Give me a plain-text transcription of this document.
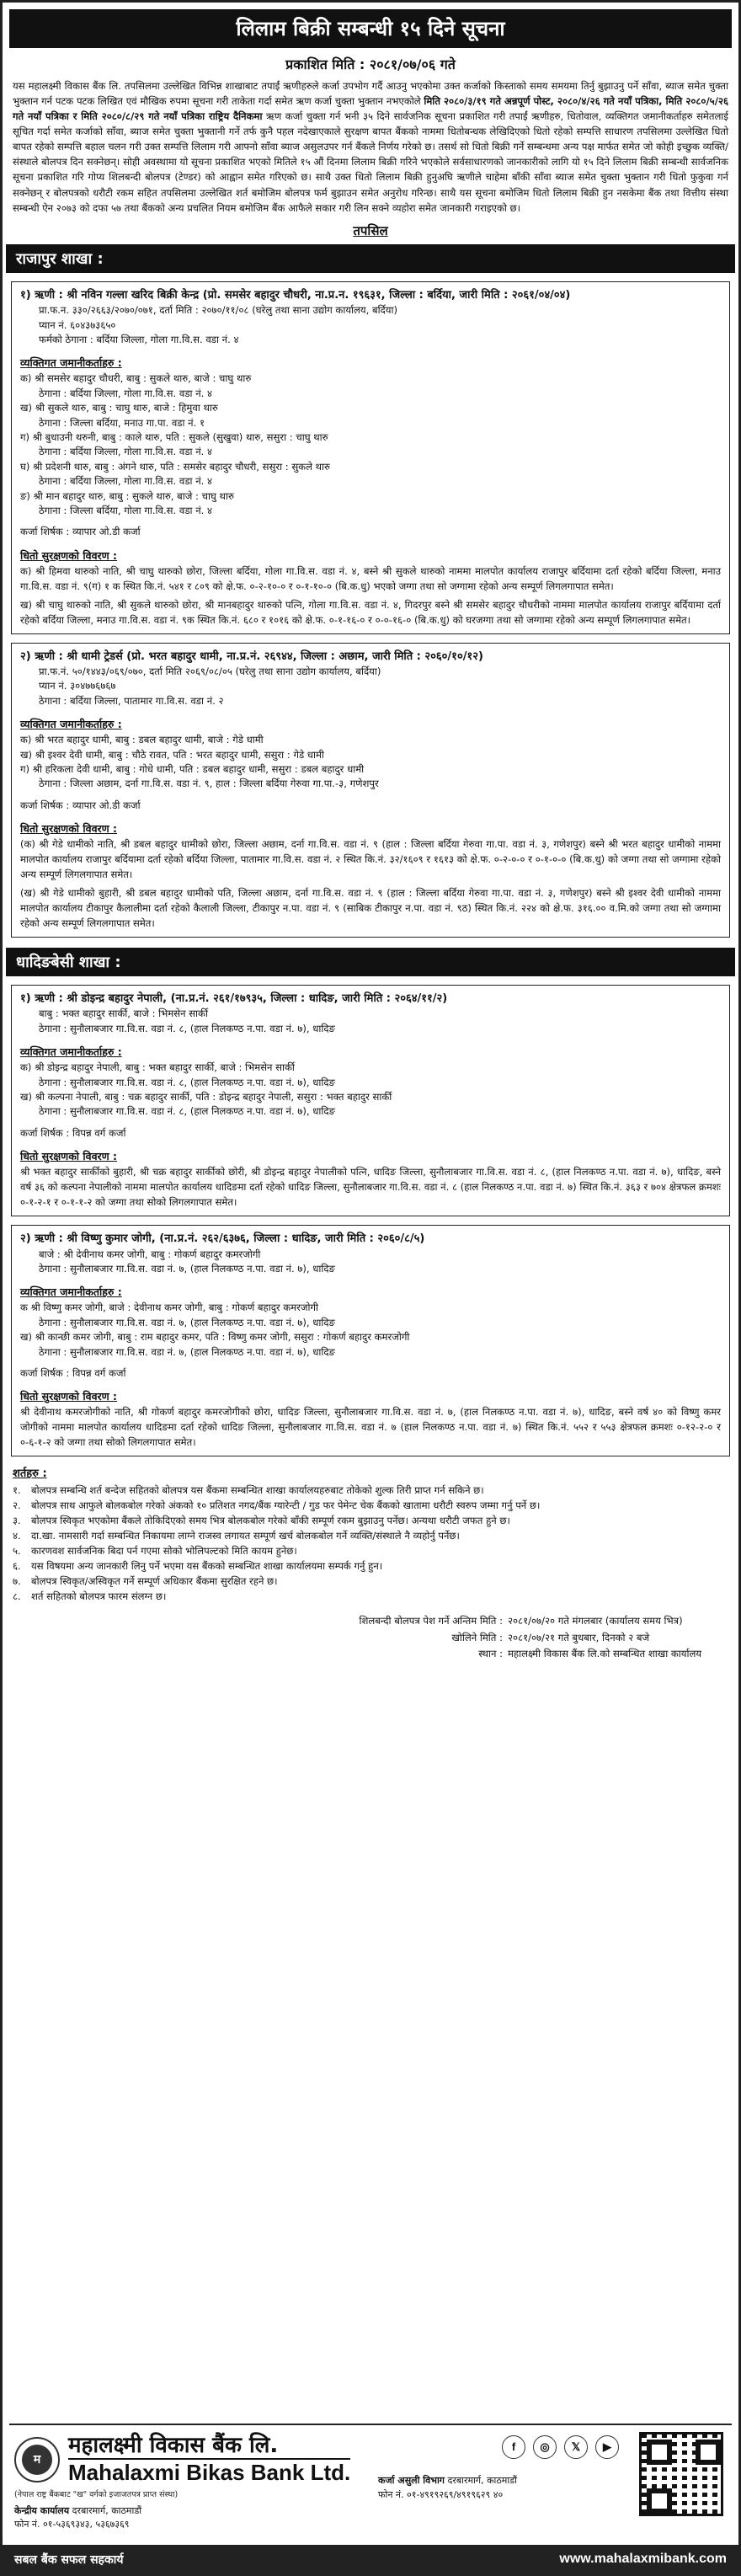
लिलाम बिक्री सम्बन्धी १५ दिने सूचना
प्रकाशित मिति : २०८१/०७/०६ गते
यस महालक्ष्मी विकास बैंक लि. तपसिलमा उल्लेखित विभिन्न शाखाबाट तपाईं ऋणीहरुले कर्जा उपभोग गर्दै आउनु भएकोमा उक्त कर्जाको किस्ताको समय समयमा तिर्नु बुझाउनु पर्ने साँवा, ब्याज समेत चुक्ता भुक्तान गर्न पटक पटक लिखित एवं मौखिक रुपमा सूचना गरी ताकेता गर्दा समेत ऋण कर्जा चुक्ता भुक्तान नभएकोले मिति २०८०/३/१९ गते अन्नपूर्ण पोस्ट, २०८०/४/२६ गते नयाँ पत्रिका, मिति २०८०/५/२६ गते नयाँ पत्रिका र मिति २०८०/८/२९ गते नयाँ पत्रिका राष्ट्रिय दैनिकमा ऋण कर्जा चुक्ता गर्न भनी ३५ दिने सार्वजनिक सूचना प्रकाशित गरी तपाईं ऋणीहरु, धितोवाल, व्यक्तिगत जमानीकर्ताहरु समेतलाई सूचित गर्दा समेत कर्जाको साँवा, ब्याज समेत चुक्ता भुक्तानी गर्ने तर्फ कुनै पहल नदेखाएकाले सुरक्षण बापत बैंकको नाममा धितोबन्धक लेखिदिएको धितो रहेको सम्पत्ति साधारण तपसिलमा उल्लेखित धितो बापत रहेको सम्पत्ति बहाल चलन गरी उक्त सम्पत्ति लिलाम गरी आफ्नो साँवा ब्याज असुलउपर गर्न बैंकले निर्णय गरेको छ। तसर्थ सो धितो बिक्री गर्ने सम्बन्धमा अन्य पक्ष मार्फत समेत जो कोही इच्छुक व्यक्ति/संस्थाले बोलपत्र दिन सक्नेछन्। सोही अवस्थामा यो सूचना प्रकाशित भएको मितिले १५ औं दिनमा लिलाम बिक्री गरिने भएकोले सर्वसाधारणको जानकारीको लागि यो १५ दिने लिलाम बिक्री सम्बन्धी सार्वजनिक सूचना प्रकाशित गरि गोप्य शिलबन्दी बोलपत्र (टेण्डर) को आह्वान समेत गरिएको छ। साथै उक्त धितो लिलाम बिक्री हुनुअघि ऋणीले चाहेमा बाँकी साँवा ब्याज समेत चुक्ता भुक्तान गरी धितो फुकुवा गर्न सक्नेछन् र बोलपत्रको धरौटी रकम सहित तपसिलमा उल्लेखित शर्त बमोजिम बोलपत्र फर्म बुझाउन समेत अनुरोध गरिन्छ। साथै यस सूचना बमोजिम धितो लिलाम बिक्री हुन नसकेमा बैंक तथा वित्तीय संस्था सम्बन्धी ऐन २०७३ को दफा ५७ तथा बैंकको अन्य प्रचलित नियम बमोजिम बैंक आफैले सकार गरी लिन सक्ने व्यहोरा समेत जानकारी गराइएको छ।
तपसिल
राजापुर शाखा :
१) ऋणी : श्री नविन गल्ला खरिद बिक्री केन्द्र (प्रो. समसेर बहादुर चौधरी, ना.प्र.न. १९६३१, जिल्ला : बर्दिया, जारी मिति : २०६१/०४/०४)
प्रा.फ.न. ३३०/२६६३/२०७०/०७१, दर्ता मिति : २०७०/११/०८ (घरेलु तथा साना उद्योग कार्यालय, बर्दिया)
प्यान नं. ६०४३७३६५०
फर्मको ठेगाना : बर्दिया जिल्ला, गोला गा.वि.स. वडा नं. ४
व्यक्तिगत जमानीकर्ताहरु :
क) श्री समसेर बहादुर चौधरी, बाबु : सुकले थारु, बाजे : चाघु थारु
ठेगाना : बर्दिया जिल्ला, गोला गा.वि.स. वडा नं. ४
ख) श्री सुकले थारु, बाबु : चाघु थारु, बाजे : हिमुवा थारु
ठेगाना : जिल्ला बर्दिया, मनाउ गा.पा. वडा नं. १
ग) श्री बुधाउनी थरुनी, बाबु : काले थारु, पति : सुकले (सुखुवा) थारु, ससुरा : चाघु थारु
ठेगाना : बर्दिया जिल्ला, गोला गा.वि.स. वडा नं. ४
घ) श्री प्रदेशनी थारु, बाबु : अंगने थारु, पति : समसेर बहादुर चौधरी, ससुरा : सुकले थारु
ठेगाना : बर्दिया जिल्ला, गोला गा.वि.स. वडा नं. ४
ङ) श्री मान बहादुर थारु, बाबु : सुकले थारु, बाजे : चाघु थारु
ठेगाना : जिल्ला बर्दिया, गोला गा.वि.स. वडा नं. ४
कर्जा शिर्षक : व्यापार ओ.डी कर्जा
धितो सुरक्षणको विवरण :
क) श्री हिमवा थारुको नाति, श्री चाघु थारुको छोरा, जिल्ला बर्दिया, गोला गा.वि.स. वडा नं. ४, बस्ने श्री सुकले थारुको नाममा मालपोत कार्यालय राजापुर बर्दियामा दर्ता रहेको बर्दिया जिल्ला, मनाउ गा.वि.स. वडा नं. ९(ग) १ क स्थित कि.नं. ५४१ र ८०९ को क्षे.फ. ०-२-१०-० र ०-१-१०-० (बि.क.धु) भएको जग्गा तथा सो जग्गामा रहेको अन्य सम्पूर्ण लिगलगापात समेत।
ख) श्री चाघु थारुको नाति, श्री सुकले थारुको छोरा, श्री मानबहादुर थारुको पत्नि, गोला गा.वि.स. वडा नं. ४, गिदरपुर बस्ने श्री समसेर बहादुर चौधरीको नाममा मालपोत कार्यालय राजापुर बर्दियामा दर्ता रहेको बर्दिया जिल्ला, मनाउ गा.वि.स. वडा नं. ९क स्थित कि.नं. ६८० र १०१६ को क्षे.फ. ०-१-१६-० र ०-०-१६-० (बि.क.धु) को घरजग्गा तथा सो जग्गामा रहेको अन्य सम्पूर्ण लिगलगापात समेत।
२) ऋणी : श्री धामी ट्रेडर्स (प्रो. भरत बहादुर धामी, ना.प्र.नं. २६९४४, जिल्ला : अछाम, जारी मिति : २०६०/१०/१२)
प्रा.फ.नं. ५०/१४४३/०६९/०७०, दर्ता मिति २०६९/०८/०५ (घरेलु तथा साना उद्योग कार्यालय, बर्दिया)
प्यान नं. ३०४७७६७६७
ठेगाना : बर्दिया जिल्ला, पातामार गा.वि.स. वडा नं. २
व्यक्तिगत जमानीकर्ताहरु :
क) श्री भरत बहादुर धामी, बाबु : डबल बहादुर धामी, बाजे : गेडे धामी
ख) श्री इश्वर देवी धामी, बाबु : चौठे रावत, पति : भरत बहादुर धामी, ससुरा : गेडे धामी
ग) श्री हरिकला देवी धामी, बाबु : गोधे धामी, पति : डबल बहादुर धामी, ससुरा : डबल बहादुर धामी
ठेगाना : जिल्ला अछाम, दर्ना गा.वि.स. वडा नं. ९, हाल : जिल्ला बर्दिया गेरुवा गा.पा.-३, गणेशपुर
कर्जा शिर्षक : व्यापार ओ.डी कर्जा
धितो सुरक्षणको विवरण :
(क) श्री गेडे धामीको नाति, श्री डबल बहादुर धामीको छोरा, जिल्ला अछाम, दर्ना गा.वि.स. वडा नं. ९ (हाल : जिल्ला बर्दिया गेरुवा गा.पा. वडा नं. ३, गणेशपुर) बस्ने श्री भरत बहादुर धामीको नाममा मालपोत कार्यालय राजापुर बर्दियामा दर्ता रहेको बर्दिया जिल्ला, पातामार गा.वि.स. वडा नं. २ स्थित कि.नं. ३२/१६०९ र १६१३ को क्षे.फ. ०-२-०-० र ०-१-०-० (बि.क.धु) को जग्गा तथा सो जग्गामा रहेको अन्य सम्पूर्ण लिगलगापात समेत।
(ख) श्री गेडे धामीको बुहारी, श्री डबल बहादुर धामीको पति, जिल्ला अछाम, दर्ना गा.वि.स. वडा नं. ९ (हाल : जिल्ला बर्दिया गेरुवा गा.पा. वडा नं. ३, गणेशपुर) बस्ने श्री इश्वर देवी धामीको नाममा मालपोत कार्यालय टीकापुर कैलालीमा दर्ता रहेको कैलाली जिल्ला, टीकापुर न.पा. वडा नं. ९ (साबिक टीकापुर न.पा. वडा नं. ९ठ) स्थित कि.नं. २२४ को क्षे.फ. ३१६.०० व.मि.को जग्गा तथा सो जग्गामा रहेको अन्य सम्पूर्ण लिगलगापात समेत।
धादिङबेसी शाखा :
१) ऋणी : श्री डोइन्द्र बहादुर नेपाली, (ना.प्र.नं. २६१/१७९३५, जिल्ला : धादिङ, जारी मिति : २०६४/११/२)
बाबु : भक्त बहादुर सार्की, बाजे : भिमसेन सार्की
ठेगाना : सुनौलाबजार गा.वि.स. वडा नं. ८, (हाल निलकण्ठ न.पा. वडा नं. ७), धादिङ
व्यक्तिगत जमानीकर्ताहरु :
क) श्री डोइन्द्र बहादुर नेपाली, बाबु : भक्त बहादुर सार्की, बाजे : भिमसेन सार्की
ठेगाना : सुनौलाबजार गा.वि.स. वडा नं. ८, (हाल निलकण्ठ न.पा. वडा नं. ७), धादिङ
ख) श्री कल्पना नेपाली, बाबु : चक्र बहादुर सार्की, पति : डोइन्द्र बहादुर नेपाली, ससुरा : भक्त बहादुर सार्की
ठेगाना : सुनौलाबजार गा.वि.स. वडा नं. ८, (हाल निलकण्ठ न.पा. वडा नं. ७), धादिङ
कर्जा शिर्षक : विपन्न वर्ग कर्जा
धितो सुरक्षणको विवरण :
श्री भक्त बहादुर सार्कीको बुहारी, श्री चक्र बहादुर सार्कीको छोरी, श्री डोइन्द्र बहादुर नेपालीको पत्नि, धादिङ जिल्ला, सुनौलाबजार गा.वि.स. वडा नं. ८, (हाल निलकण्ठ न.पा. वडा नं. ७), धादिङ, बस्ने वर्ष ३६ को कल्पना नेपालीको नाममा मालपोत कार्यालय धादिङमा दर्ता रहेको धादिङ जिल्ला, सुनौलाबजार गा.वि.स. वडा नं. ८ (हाल निलकण्ठ न.पा. वडा नं. ७) स्थित कि.नं. ३६३ र ७०४ क्षेत्रफल क्रमशः ०-१-२-१ र ०-१-१-२ को जग्गा तथा सोको लिगलगापात समेत।
२) ऋणी : श्री विष्णु कुमार जोगी, (ना.प्र.नं. २६२/६३७६, जिल्ला : धादिङ, जारी मिति : २०६०/८/५)
बाजे : श्री देवीनाथ कमर जोगी, बाबु : गोकर्ण बहादुर कमरजोगी
ठेगाना : सुनौलाबजार गा.वि.स. वडा नं. ७, (हाल निलकण्ठ न.पा. वडा नं. ७), धादिङ
व्यक्तिगत जमानीकर्ताहरु :
क श्री विष्णु कमर जोगी, बाजे : देवीनाथ कमर जोगी, बाबु : गोकर्ण बहादुर कमरजोगी
ठेगाना : सुनौलाबजार गा.वि.स. वडा नं. ७, (हाल निलकण्ठ न.पा. वडा नं. ७), धादिङ
ख) श्री कान्छी कमर जोगी, बाबु : राम बहादुर कमर, पति : विष्णु कमर जोगी, ससुरा : गोकर्ण बहादुर कमरजोगी
ठेगाना : सुनौलाबजार गा.वि.स. वडा नं. ७, (हाल निलकण्ठ न.पा. वडा नं. ७), धादिङ
कर्जा शिर्षक : विपन्न वर्ग कर्जा
धितो सुरक्षणको विवरण :
श्री देवीनाथ कमरजोगीको नाति, श्री गोकर्ण बहादुर कमरजोगीको छोरा, धादिङ जिल्ला, सुनौलाबजार गा.वि.स. वडा नं. ७, (हाल निलकण्ठ न.पा. वडा नं. ७), धादिङ, बस्ने वर्ष ४० को विष्णु कमर जोगीको नाममा मालपोत कार्यालय धादिङमा दर्ता रहेको धादिङ जिल्ला, सुनौलाबजार गा.वि.स. वडा नं. ७ (हाल निलकण्ठ न.पा. वडा नं. ७) स्थित कि.नं. ५५२ र ५५३ क्षेत्रफल क्रमशः ०-१२-२-० र ०-६-१-२ को जग्गा तथा सोको लिगलगापात समेत।
शर्तहरु :
१.	बोलपत्र सम्बन्धि शर्त बन्देज सहितको बोलपत्र यस बैंकमा सम्बन्धित शाखा कार्यालयहरुबाट तोकेको शुल्क तिरी प्राप्त गर्न सकिने छ।
२.	बोलपत्र साथ आफुले बोलकबोल गरेको अंकको १० प्रतिशत नगद/बैंक ग्यारेन्टी / गुड फर पेमेन्ट चेक बैंकको खातामा धरौटी स्वरुप जम्मा गर्नु पर्ने छ।
३.	बोलपत्र स्विकृत भएकोमा बैंकले तोकिदिएको समय भित्र बोलकबोल गरेको बाँकी सम्पूर्ण रकम बुझाउनु पर्नेछ। अन्यथा धरौटी जफत हुने छ।
४.	दा.खा. नामसारी गर्दा सम्बन्धित निकायमा लाग्ने राजस्व लगायत सम्पूर्ण खर्च बोलकबोल गर्ने व्यक्ति/संस्थाले नै व्यहोर्नु पर्नेछ।
५.	कारणवश सार्वजनिक बिदा पर्न गएमा सोको भोलिपल्टको मिति कायम हुनेछ।
६.	यस विषयमा अन्य जानकारी लिनु पर्ने भएमा यस बैंकको सम्बन्धित शाखा कार्यालयमा सम्पर्क गर्नु हुन।
७.	बोलपत्र स्विकृत/अस्विकृत गर्ने सम्पूर्ण अधिकार बैंकमा सुरक्षित रहने छ।
८.	शर्त सहितको बोलपत्र फारम संलग्न छ।
शिलबन्दी बोलपत्र पेश गर्ने अन्तिम मिति : २०८१/०७/२० गते मंगलबार (कार्यालय समय भित्र)
खोलिने मिति : २०८१/०७/२१ गते बुधबार, दिनको २ बजे
स्थान : महालक्ष्मी विकास बैंक लि.को सम्बन्धित शाखा कार्यालय
म
महालक्ष्मी विकास बैंक लि.
Mahalaxmi Bikas Bank Ltd.
(नेपाल राष्ट्र बैंकबाट "ख" वर्गको इजाजतपत्र प्राप्त संस्था)
केन्द्रीय कार्यालय दरबारमार्ग, काठमाडौं
फोन नं. ०१-५३६९३४३, ५३६७३६९
f	◎	𝕏	▶
कर्जा असुली विभाग दरबारमार्ग, काठमाडौं
फोन नं. ०१-४९१९२६९/४९१९६२९ ४०
सबल बैंक सफल सहकार्य	www.mahalaxmibank.com
